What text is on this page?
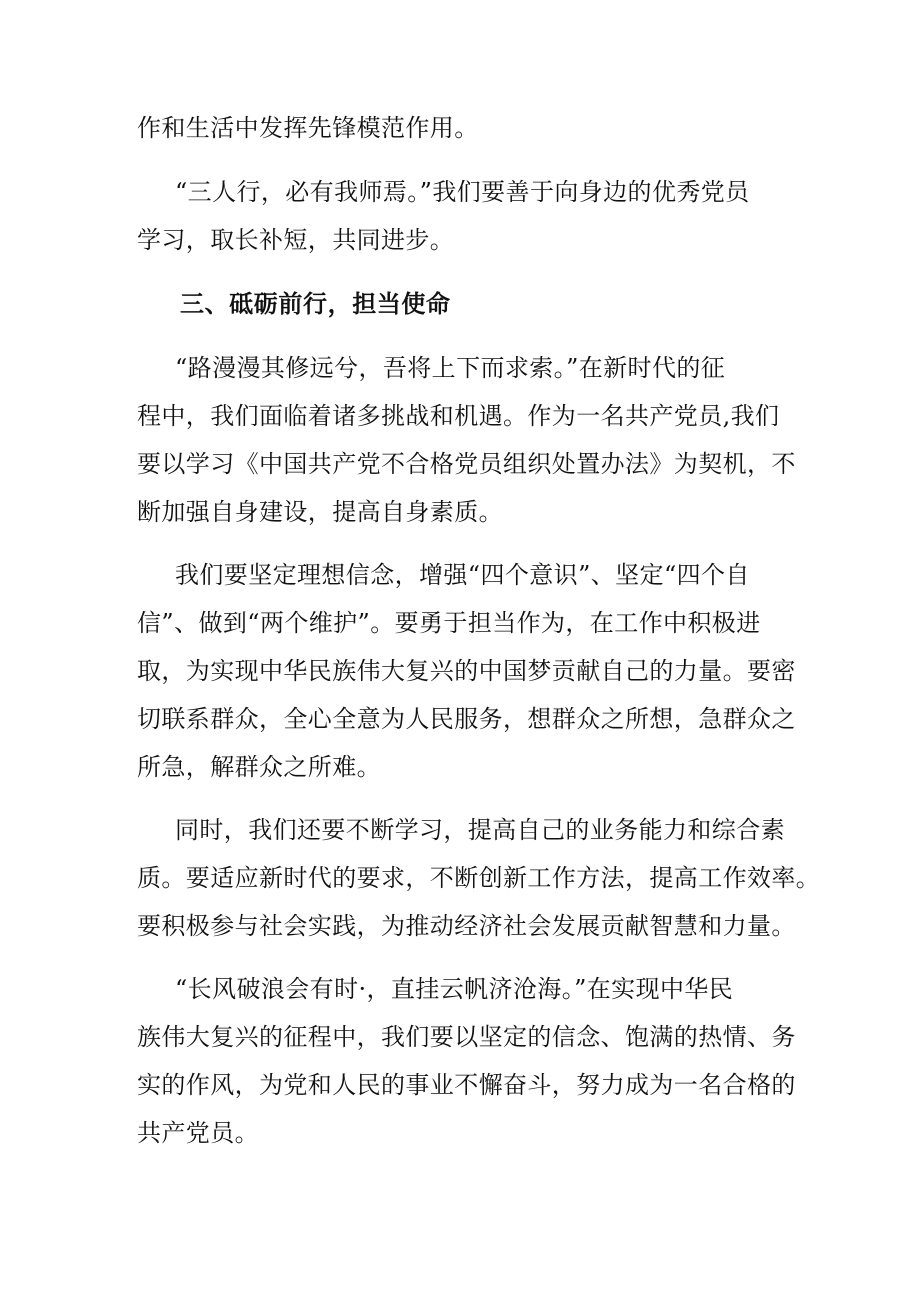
作和生活中发挥先锋模范作用。

“三人行，必有我师焉。”我们要善于向身边的优秀党员
学习，取长补短，共同进步。

三、砥砺前行，担当使命

“路漫漫其修远兮，吾将上下而求索。”在新时代的征
程中，我们面临着诸多挑战和机遇。作为一名共产党员,我们
要以学习《中国共产党不合格党员组织处置办法》为契机，不
断加强自身建设，提高自身素质。

我们要坚定理想信念，增强“四个意识”、坚定“四个自
信”、做到“两个维护”。要勇于担当作为，在工作中积极进
取，为实现中华民族伟大复兴的中国梦贡献自己的力量。要密
切联系群众，全心全意为人民服务，想群众之所想，急群众之
所急，解群众之所难。

同时，我们还要不断学习，提高自己的业务能力和综合素
质。要适应新时代的要求，不断创新工作方法，提高工作效率。
要积极参与社会实践，为推动经济社会发展贡献智慧和力量。

“长风破浪会有时·，直挂云帆济沧海。”在实现中华民
族伟大复兴的征程中，我们要以坚定的信念、饱满的热情、务
实的作风，为党和人民的事业不懈奋斗，努力成为一名合格的
共产党员。
